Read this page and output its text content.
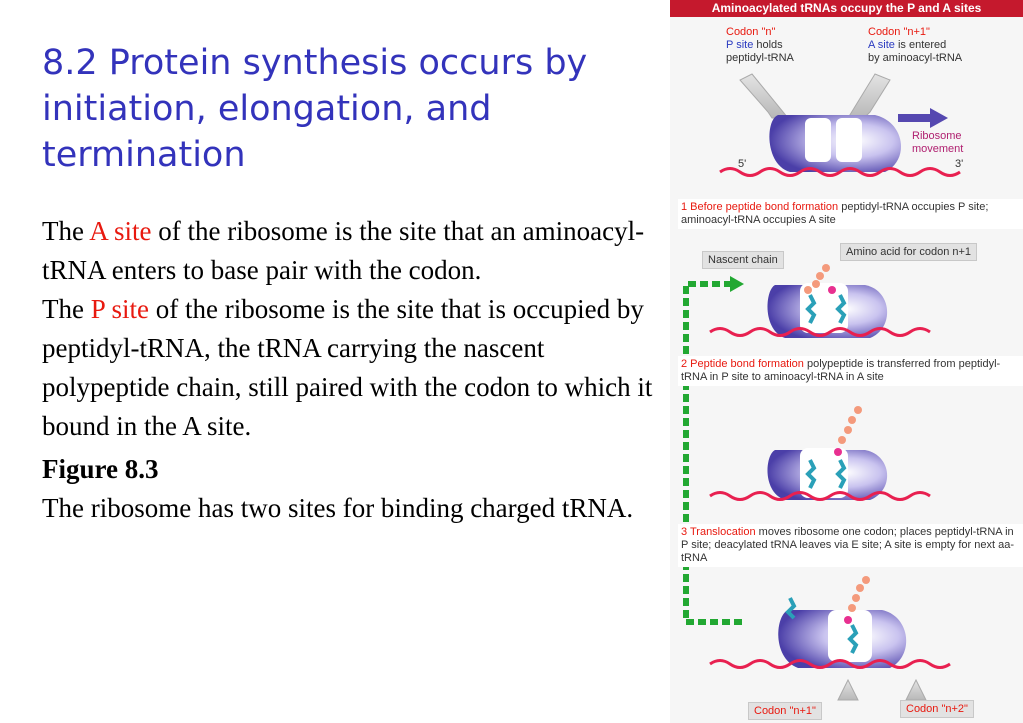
8.2 Protein synthesis occurs by initiation, elongation, and termination

The A site of the ribosome is the site that an aminoacyl-tRNA enters to base pair with the codon.

The P site of the ribosome is the site that is occupied by peptidyl-tRNA, the tRNA carrying the nascent polypeptide chain, still paired with the codon to which it bound in the A site.

Figure 8.3

The ribosome has two sites for binding charged tRNA.

Aminoacylated tRNAs occupy the P and A sites
Codon "n"
P site holds
peptidyl-tRNA
Codon "n+1"
A site is entered
by aminoacyl-tRNA
Ribosome
movement
5'	3'
1 Before peptide bond formation peptidyl-tRNA occupies P site; aminoacyl-tRNA occupies A site
Nascent chain
Amino acid for codon n+1
2 Peptide bond formation polypeptide is transferred from peptidyl-tRNA in P site to aminoacyl-tRNA in A site
3 Translocation moves ribosome one codon; places peptidyl-tRNA in P site; deacylated tRNA leaves via E site; A site is empty for next aa-tRNA
Codon "n+1"	Codon "n+2"
